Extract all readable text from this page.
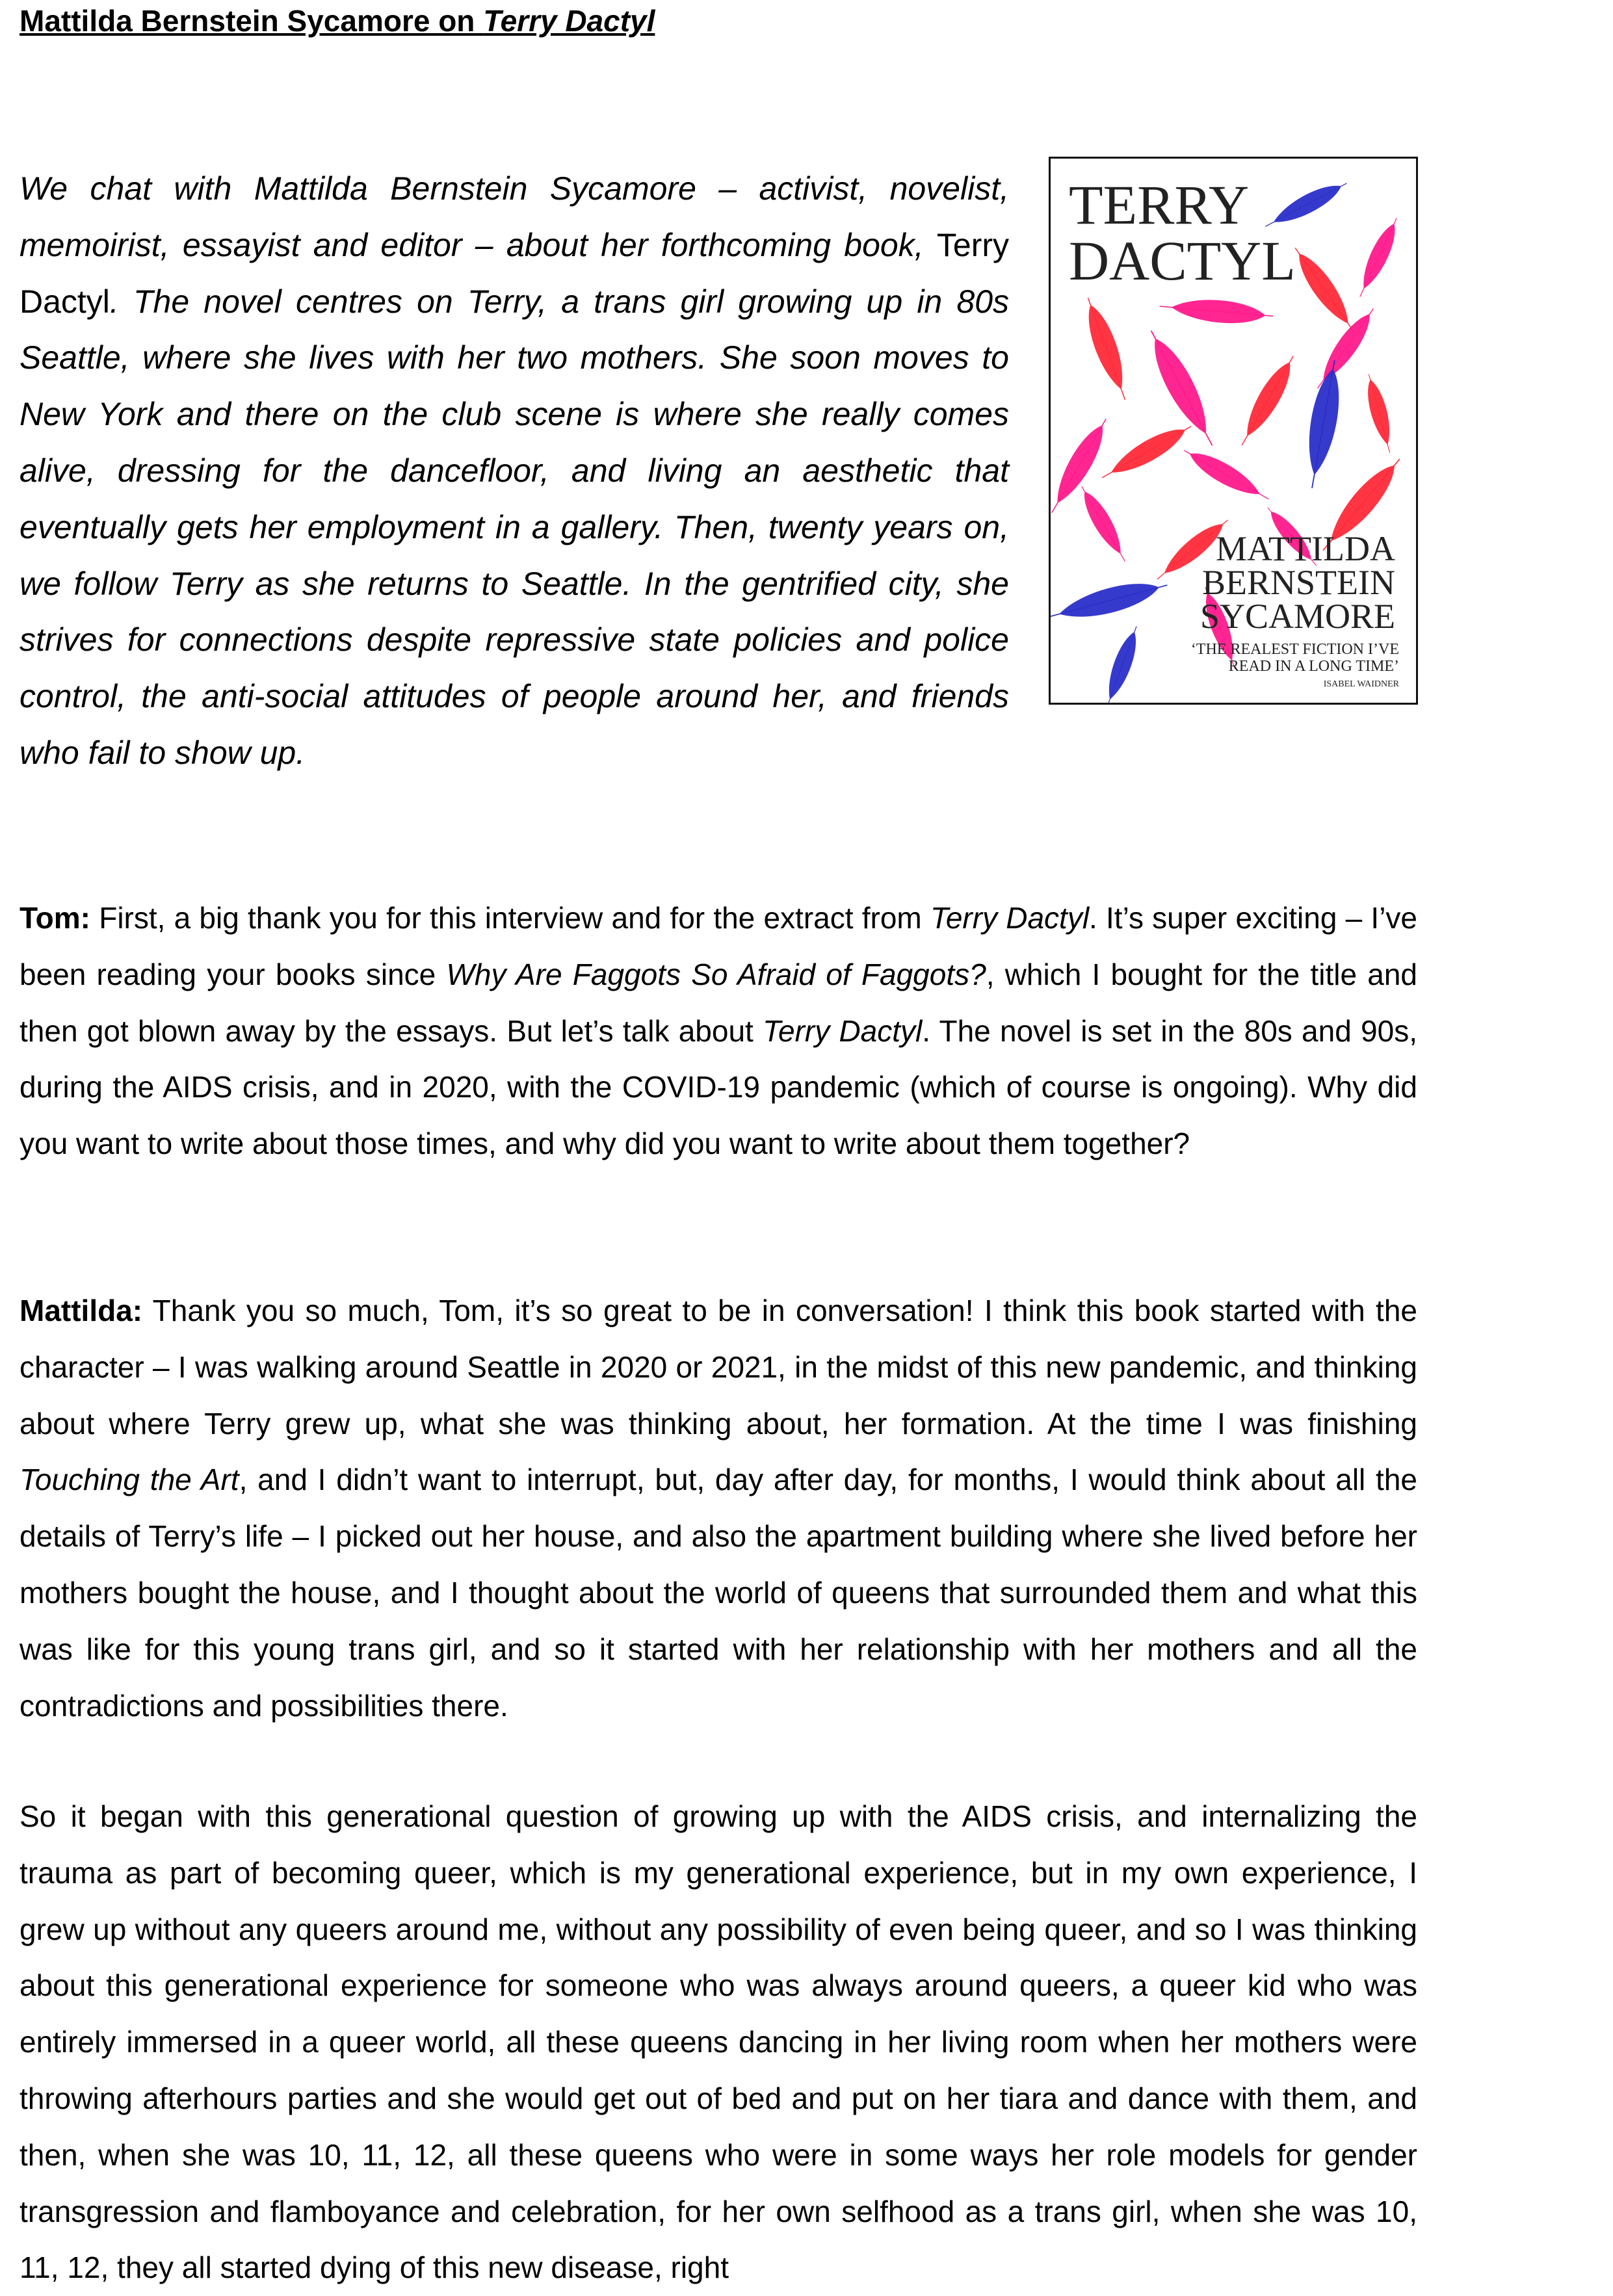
Mattilda Bernstein Sycamore on Terry Dactyl

We chat with Mattilda Bernstein Sycamore – activist, novelist, memoirist, essayist and editor – about her forthcoming book, Terry Dactyl. The novel centres on Terry, a trans girl growing up in 80s Seattle, where she lives with her two mothers. She soon moves to New York and there on the club scene is where she really comes alive, dressing for the dancefloor, and living an aesthetic that eventually gets her employment in a gallery. Then, twenty years on, we follow Terry as she returns to Seattle. In the gentrified city, she strives for connections despite repressive state policies and police control, the anti-social attitudes of people around her, and friends who fail to show up.

TERRY
DACTYL
MATTILDA
BERNSTEIN
SYCAMORE
‘THE REALEST FICTION I’VE
READ IN A LONG TIME’
ISABEL WAIDNER

Tom: First, a big thank you for this interview and for the extract from Terry Dactyl. It’s super exciting – I’ve been reading your books since Why Are Faggots So Afraid of Faggots?, which I bought for the title and then got blown away by the essays. But let’s talk about Terry Dactyl. The novel is set in the 80s and 90s, during the AIDS crisis, and in 2020, with the COVID-19 pandemic (which of course is ongoing). Why did you want to write about those times, and why did you want to write about them together?

Mattilda: Thank you so much, Tom, it’s so great to be in conversation! I think this book started with the character – I was walking around Seattle in 2020 or 2021, in the midst of this new pandemic, and thinking about where Terry grew up, what she was thinking about, her formation. At the time I was finishing Touching the Art, and I didn’t want to interrupt, but, day after day, for months, I would think about all the details of Terry’s life – I picked out her house, and also the apartment building where she lived before her mothers bought the house, and I thought about the world of queens that surrounded them and what this was like for this young trans girl, and so it started with her relationship with her mothers and all the contradictions and possibilities there.

So it began with this generational question of growing up with the AIDS crisis, and internalizing the trauma as part of becoming queer, which is my generational experience, but in my own experience, I grew up without any queers around me, without any possibility of even being queer, and so I was thinking about this generational experience for someone who was always around queers, a queer kid who was entirely immersed in a queer world, all these queens dancing in her living room when her mothers were throwing afterhours parties and she would get out of bed and put on her tiara and dance with them, and then, when she was 10, 11, 12, all these queens who were in some ways her role models for gender transgression and flamboyance and celebration, for her own selfhood as a trans girl, when she was 10, 11, 12, they all started dying of this new disease, right
